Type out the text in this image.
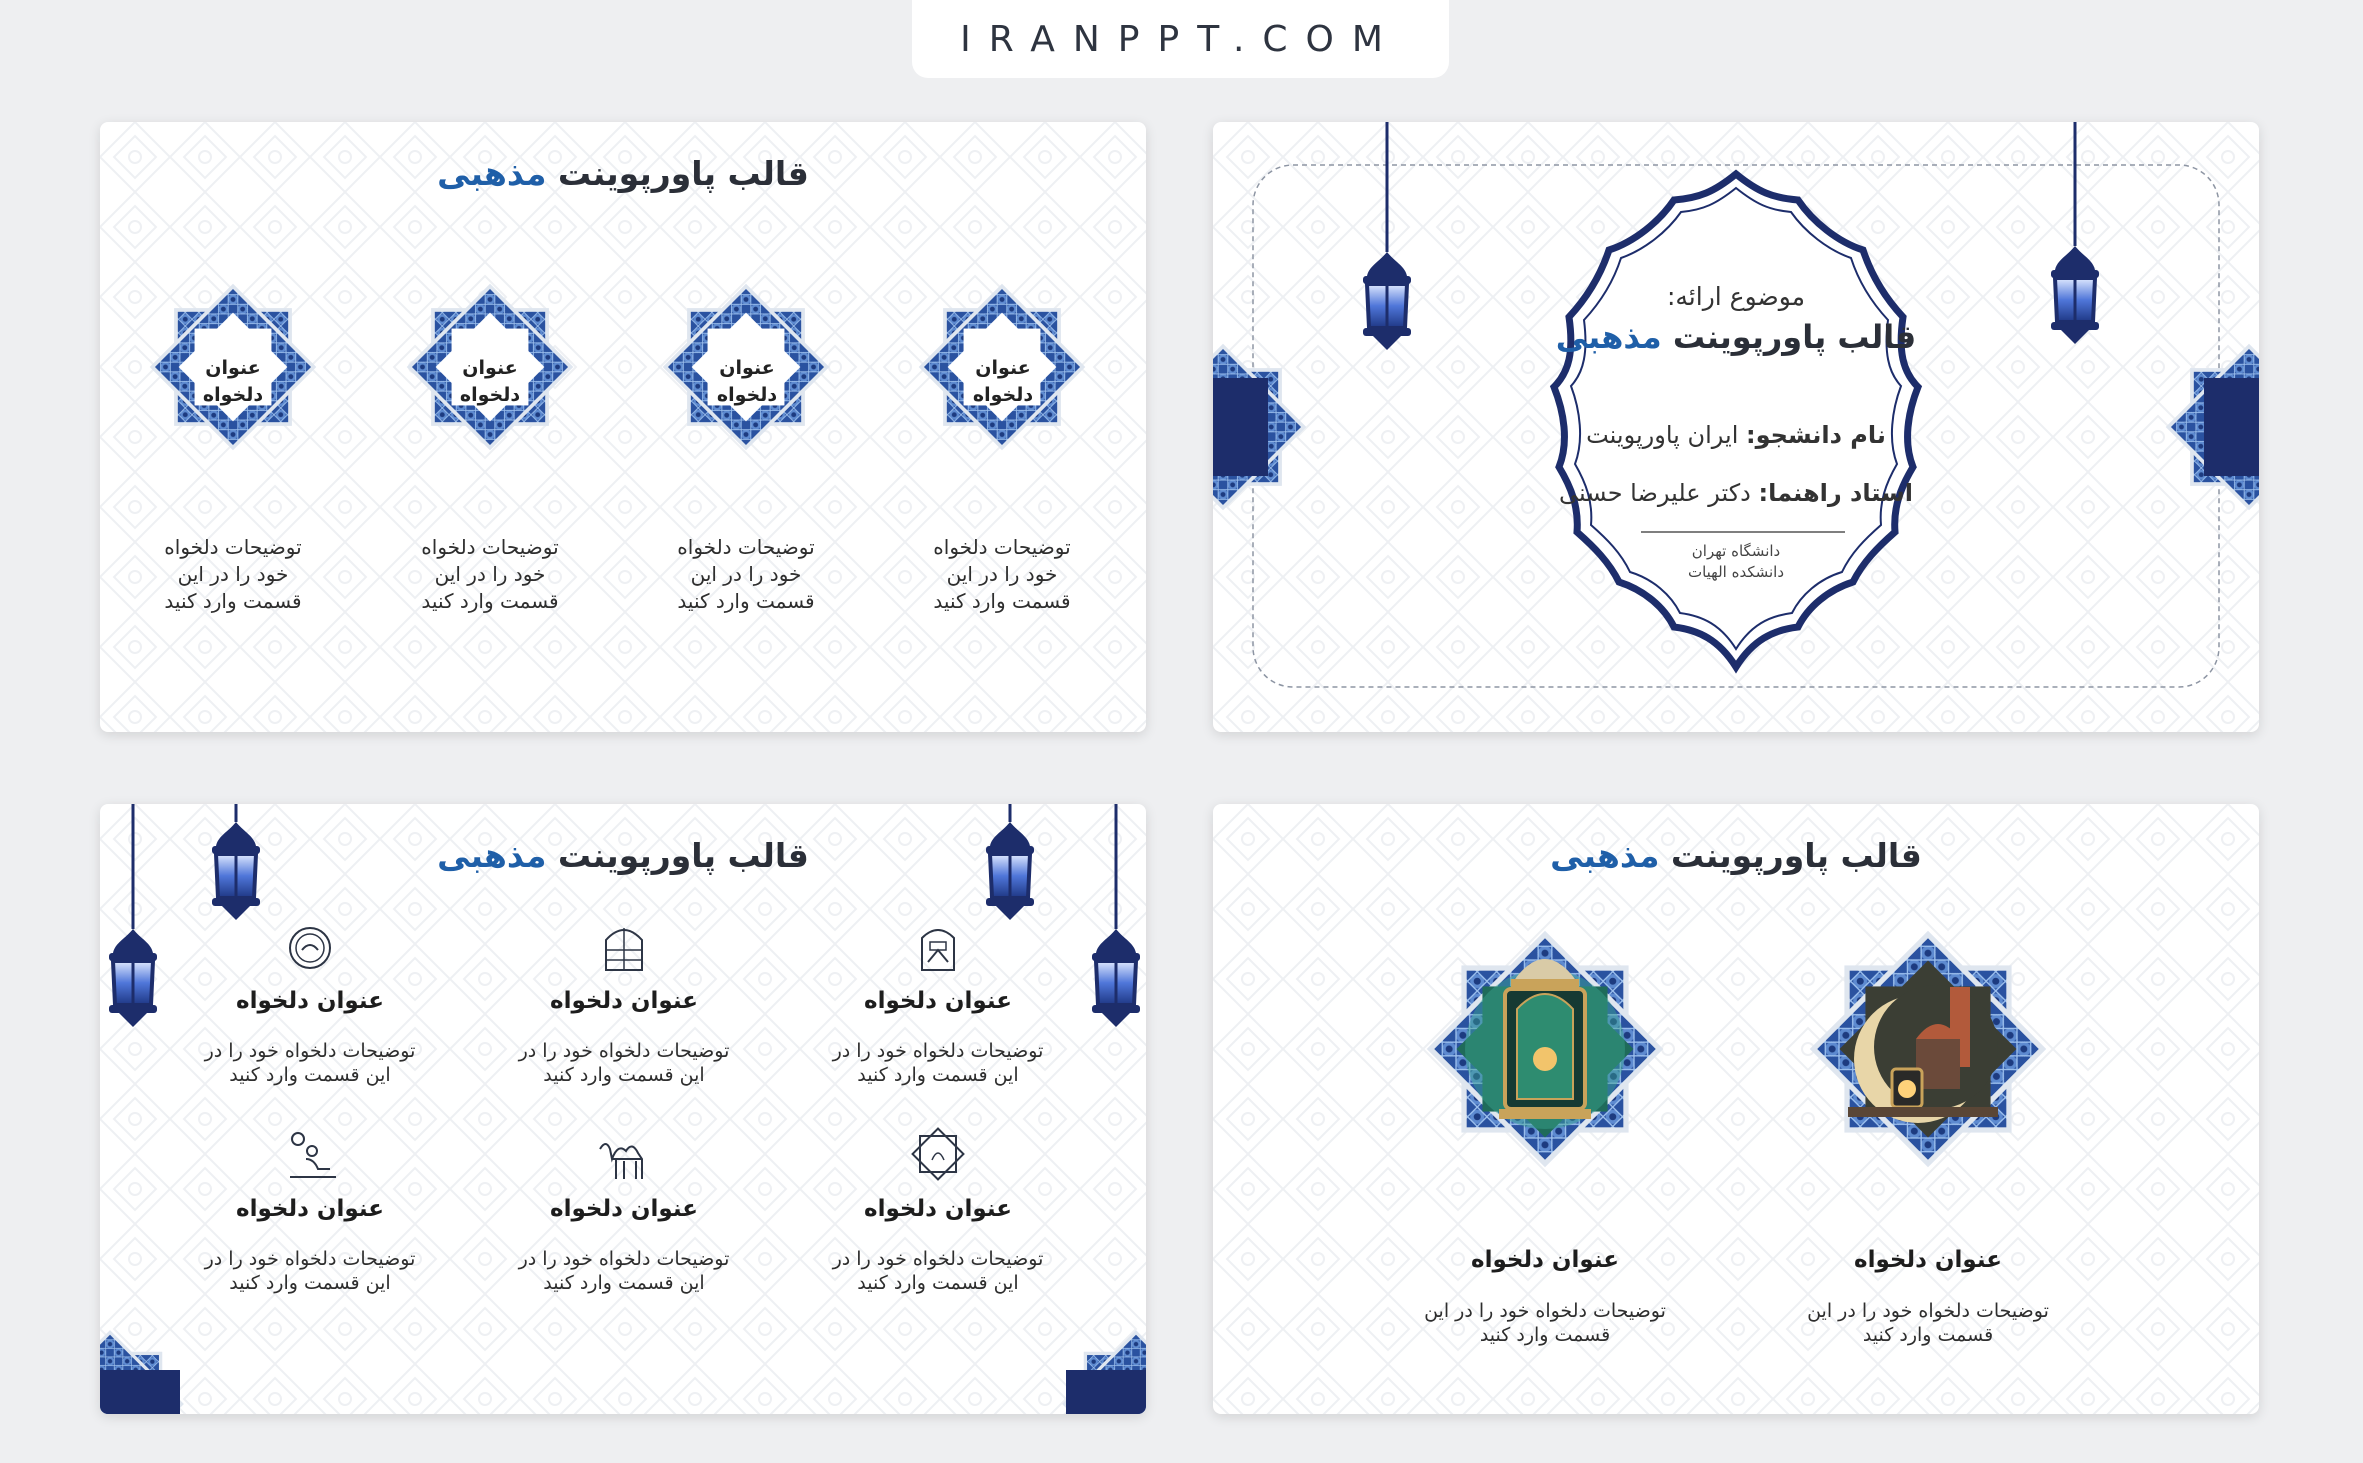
IRANPPT.COM
قالب پاورپوینت مذهبی
عنوان
دلخواه
عنوان
دلخواه
عنوان
دلخواه
عنوان
دلخواه
توضیحات دلخواه
خود را در این
قسمت وارد کنید
توضیحات دلخواه
خود را در این
قسمت وارد کنید
توضیحات دلخواه
خود را در این
قسمت وارد کنید
توضیحات دلخواه
خود را در این
قسمت وارد کنید
موضوع ارائه:
قالب پاورپوینت مذهبی
نام دانشجو: ایران پاورپوینت
استاد راهنما: دکتر علیرضا حسنی
دانشگاه تهران
دانشکده الهیات
قالب پاورپوینت مذهبی
عنوان دلخواه	عنوان دلخواه	عنوان دلخواه
توضیحات دلخواه خود را در
این قسمت وارد کنید
توضیحات دلخواه خود را در
این قسمت وارد کنید
توضیحات دلخواه خود را در
این قسمت وارد کنید
عنوان دلخواه	عنوان دلخواه	عنوان دلخواه
توضیحات دلخواه خود را در
این قسمت وارد کنید
توضیحات دلخواه خود را در
این قسمت وارد کنید
توضیحات دلخواه خود را در
این قسمت وارد کنید
قالب پاورپوینت مذهبی
عنوان دلخواه	عنوان دلخواه
توضیحات دلخواه خود را در این
قسمت وارد کنید
توضیحات دلخواه خود را در این
قسمت وارد کنید
